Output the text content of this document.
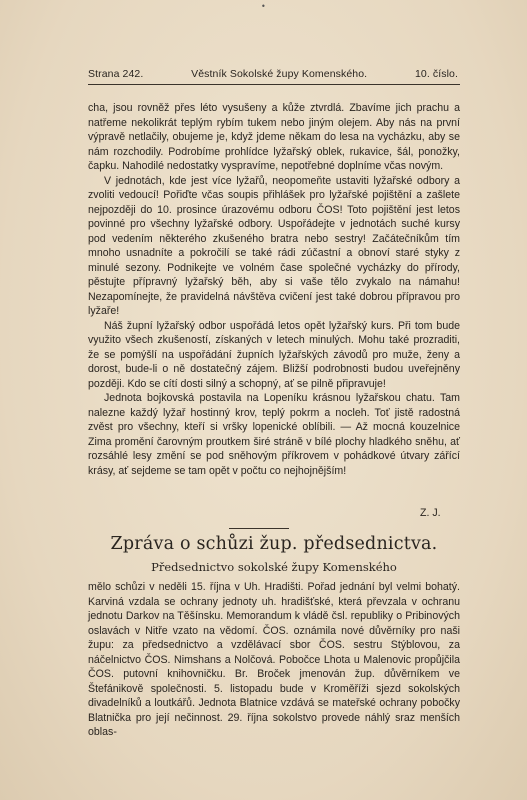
•
Strana 242.	Věstník Sokolské župy Komenského.	10. číslo.

cha, jsou rovněž přes léto vysušeny a kůže ztvrdlá. Zbavíme jich prachu a natřeme nekolikrát teplým rybím tukem nebo jiným olejem. Aby nás na první výpravě netlačily, obujeme je, když jdeme někam do lesa na vycházku, aby se nám rozchodily. Podrobíme prohlídce lyžařský oblek, rukavice, šál, ponožky, čapku. Nahodilé nedostatky vyspravíme, nepotřebné doplníme včas novým.

V jednotách, kde jest více lyžařů, neopomeňte ustaviti lyžařské odbory a zvoliti vedoucí! Pořiďte včas soupis přihlášek pro lyžařské pojištění a zašlete nejpozději do 10. prosince úrazovému odboru ČOS! Toto pojištění jest letos povinné pro všechny lyžařské odbory. Uspořádejte v jednotách suché kursy pod vedením některého zkušeného bratra nebo sestry! Začátečníkům tím mnoho usnadníte a pokročilí se také rádi zúčastní a obnoví staré styky z minulé sezony. Podnikejte ve volném čase společné vycházky do přírody, pěstujte přípravný lyžařský běh, aby si vaše tělo zvykalo na námahu! Nezapomínejte, že pravidelná návštěva cvičení jest také dobrou přípravou pro lyžaře!

Náš župní lyžařský odbor uspořádá letos opět lyžařský kurs. Při tom bude využito všech zkušeností, získaných v letech minulých. Mohu také prozraditi, že se pomýšlí na uspořádání župních lyžařských závodů pro muže, ženy a dorost, bude-li o ně dostatečný zájem. Bližší podrobnosti budou uveřejněny později. Kdo se cítí dosti silný a schopný, ať se pilně připravuje!

Jednota bojkovská postavila na Lopeníku krásnou lyžařskou chatu. Tam nalezne každý lyžař hostinný krov, teplý pokrm a nocleh. Toť jistě radostná zvěst pro všechny, kteří si vršky lopenické oblíbili. — Až mocná kouzelnice Zima promění čarovným proutkem širé stráně v bílé plochy hladkého sněhu, ať rozsáhlé lesy změní se pod sněhovým příkrovem v pohádkové útvary zářící krásy, ať sejdeme se tam opět v počtu co nejhojnějším!

Z. J.
Zpráva o schůzi žup. předsednictva.
Předsednictvo sokolské župy Komenského

mělo schůzi v neděli 15. října v Uh. Hradišti. Pořad jednání byl velmi bohatý. Karviná vzdala se ochrany jednoty uh. hradišťské, která převzala v ochranu jednotu Darkov na Těšínsku. Memorandum k vládě čsl. republiky o Pribinových oslavách v Nitře vzato na vědomí. ČOS. oznámila nové důvěrníky pro naši župu: za předsednictvo a vzdělávací sbor ČOS. sestru Stýblovou, za náčelnictvo ČOS. Nimshans a Nolčová. Pobočce Lhota u Malenovic propůjčila ČOS. putovní knihovničku. Br. Broček jmenován žup. důvěrníkem ve Štefánikově společnosti. 5. listopadu bude v Kroměříži sjezd sokolských divadelníků a loutkářů. Jednota Blatnice vzdává se mateřské ochrany pobočky Blatnička pro její nečinnost. 29. října sokolstvo provede náhlý sraz menších oblas-
